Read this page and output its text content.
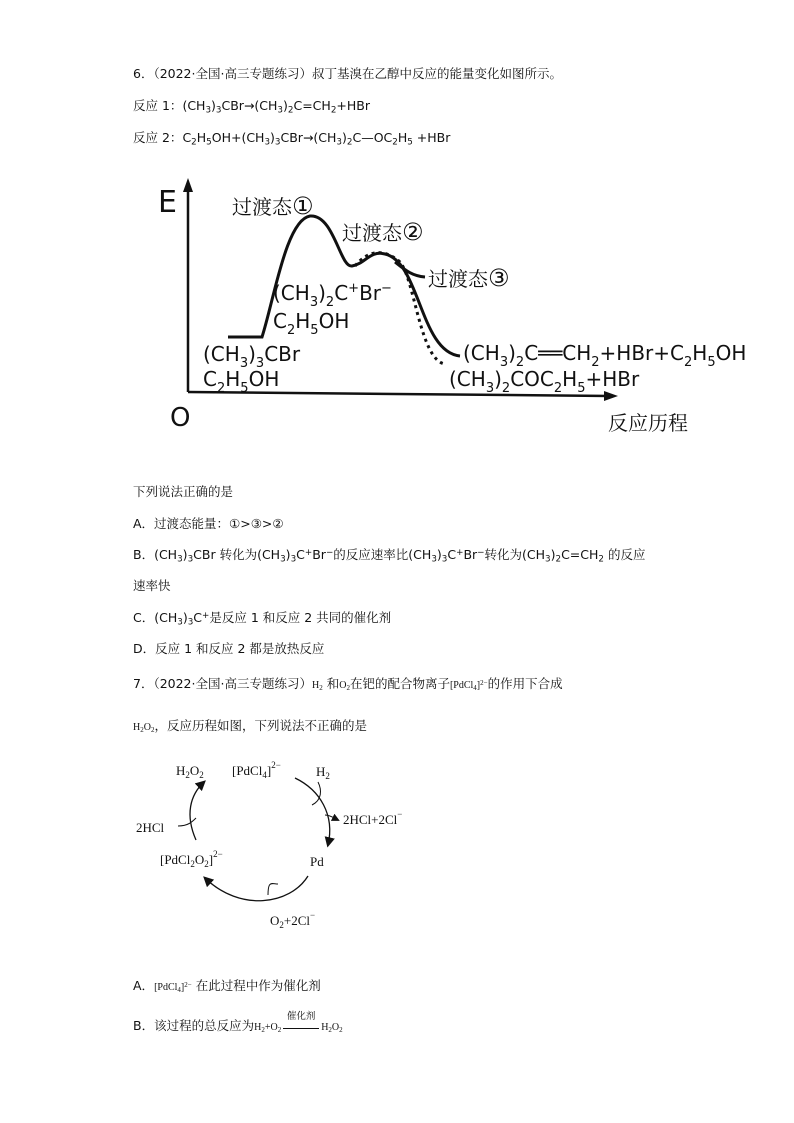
6．（2022·全国·高三专题练习）叔丁基溴在乙醇中反应的能量变化如图所示。
反应 1：$(CH_3)_3CBr\to(CH_3)_2C=CH_2+HBr$
反应 2：$C_2H_5OH+(CH_3)_3CBr\to(CH_3)_2C—OC_2H_5 +HBr$
E
O	反应历程
过渡态①
过渡态②
过渡态③
$(CH_3)_2C^+Br^-$
$C_2H_5OH$
$(CH_3)_3CBr$
$C_2H_5OH$
$(CH_3)_2C══CH_2+HBr+C_2H_5OH$
$(CH_3)_2COC_2H_5+HBr$
下列说法正确的是
A．过渡态能量：①>③>②
B．$(CH_3)_3CBr$ 转化为$(CH_3)_3C^+Br^-$的反应速率比$(CH_3)_3C^+Br^-$转化为$(CH_3)_2C=CH_2$ 的反应
速率快
C．$(CH_3)_3C^+$是反应 1 和反应 2 共同的催化剂
D．反应 1 和反应 2 都是放热反应
7．（2022·全国·高三专题练习）$H_2$ 和$O_2$在钯的配合物离子[PdCl$_4$]$^{2-}$的作用下合成
$H_2O_2$，反应历程如图，下列说法不正确的是
$H_2O_2$ [PdCl$_4$]$^{2-}$	$H_2$
2HCl
2HCl+2Cl−
$[PdCl_2O_2]^{2-}$	Pd
$O_2+2Cl^-$
A．[PdCl$_4$]$^{2-}$ 在此过程中作为催化剂
B．该过程的总反应为$H_2+O_2$
催化剂
$H_2O_2$
